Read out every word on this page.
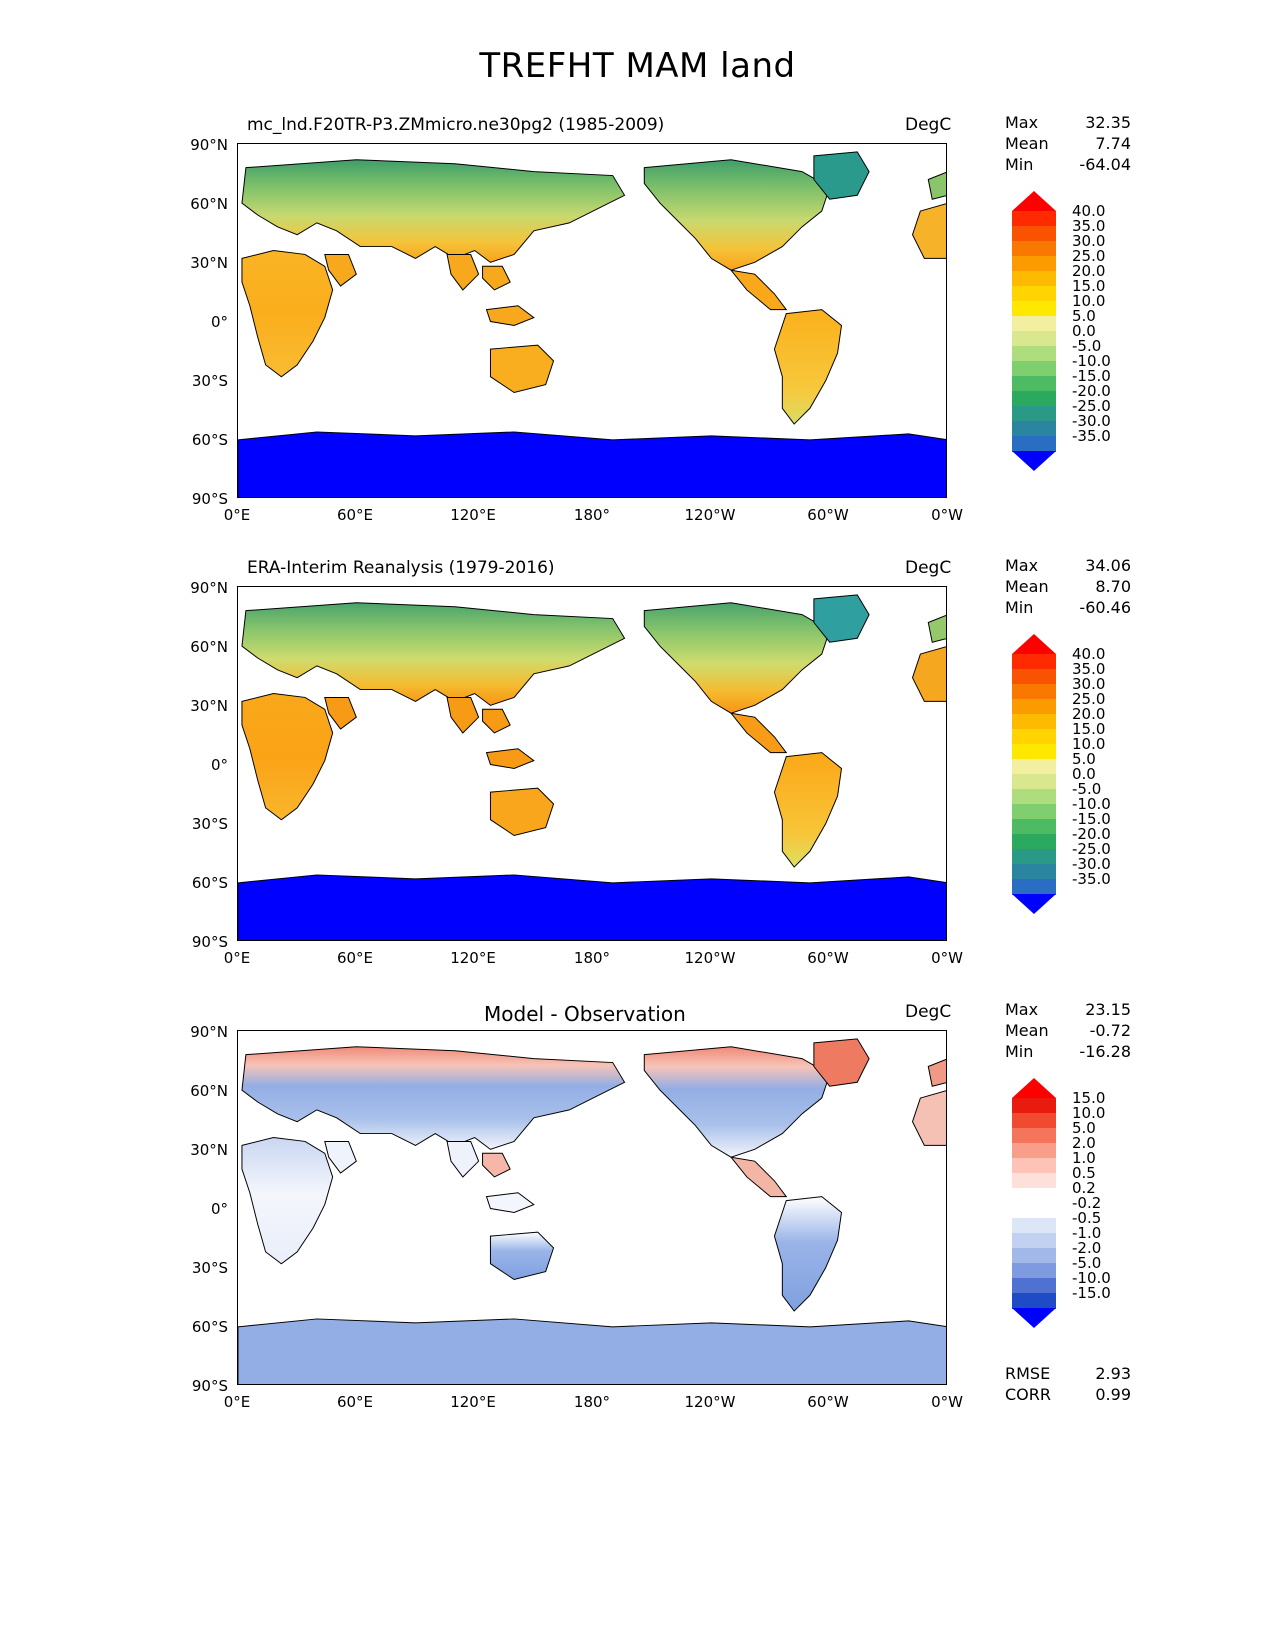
TREFHT MAM land
mc_lnd.F20TR-P3.ZMmicro.ne30pg2 (1985-2009)	DegC
90°N
60°N
30°N
0°
30°S
60°S
90°S
0°E	60°E	120°E	180°	120°W	60°W	0°W
Max	32.35
Mean	7.74
Min	-64.04
40.0
35.0
30.0
25.0
20.0
15.0
10.0
5.0
0.0
-5.0
-10.0
-15.0
-20.0
-25.0
-30.0
-35.0
ERA-Interim Reanalysis (1979-2016)	DegC
90°N
60°N
30°N
0°
30°S
60°S
90°S
0°E	60°E	120°E	180°	120°W	60°W	0°W
Max	34.06
Mean	8.70
Min	-60.46
40.0
35.0
30.0
25.0
20.0
15.0
10.0
5.0
0.0
-5.0
-10.0
-15.0
-20.0
-25.0
-30.0
-35.0
Model - Observation	DegC
90°N
60°N
30°N
0°
30°S
60°S
90°S
0°E	60°E	120°E	180°	120°W	60°W	0°W
Max	23.15
Mean	-0.72
Min	-16.28
15.0
10.0
5.0
2.0
1.0
0.5
0.2
-0.2
-0.5
-1.0
-2.0
-5.0
-10.0
-15.0
RMSE	2.93
CORR	0.99
